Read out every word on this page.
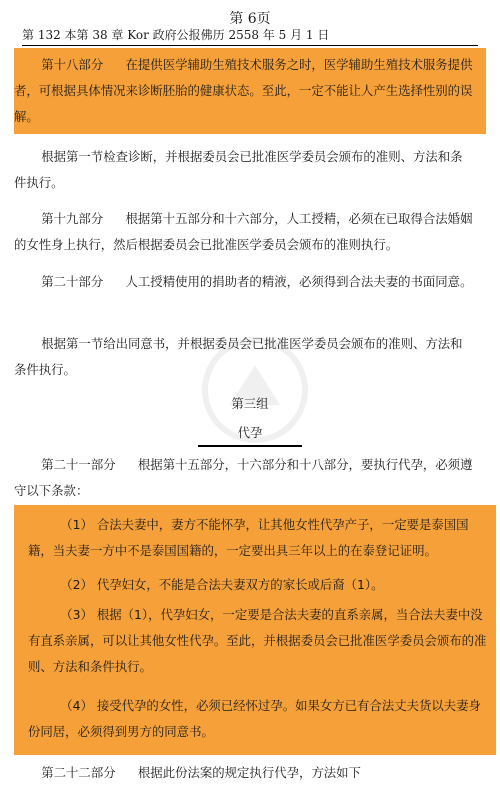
第 6页
第 132 本第 38 章 Kor 政府公报佛历 2558 年 5 月 1 日

第十八部分 在提供医学辅助生殖技术服务之时，医学辅助生殖技术服务提供者，可根据具体情况来诊断胚胎的健康状态。至此，一定不能让人产生选择性别的误解。

根据第一节检查诊断，并根据委员会已批准医学委员会颁布的准则、方法和条件执行。

第十九部分 根据第十五部分和十六部分，人工授精，必须在已取得合法婚姻的女性身上执行，然后根据委员会已批准医学委员会颁布的准则执行。

第二十部分 人工授精使用的捐助者的精液，必须得到合法夫妻的书面同意。

根据第一节给出同意书，并根据委员会已批准医学委员会颁布的准则、方法和条件执行。

第三组
代孕

第二十一部分 根据第十五部分，十六部分和十八部分，要执行代孕，必须遵守以下条款：

（1） 合法夫妻中，妻方不能怀孕，让其他女性代孕产子，一定要是泰国国籍，当夫妻一方中不是泰国国籍的，一定要出具三年以上的在泰登记证明。

（2） 代孕妇女，不能是合法夫妻双方的家长或后裔（1）。

（3） 根据（1），代孕妇女，一定要是合法夫妻的直系亲属，当合法夫妻中没有直系亲属，可以让其他女性代孕。至此，并根据委员会已批准医学委员会颁布的准则、方法和条件执行。

（4） 接受代孕的女性，必须已经怀过孕。如果女方已有合法丈夫货以夫妻身份同居，必须得到男方的同意书。

第二十二部分 根据此份法案的规定执行代孕，方法如下
